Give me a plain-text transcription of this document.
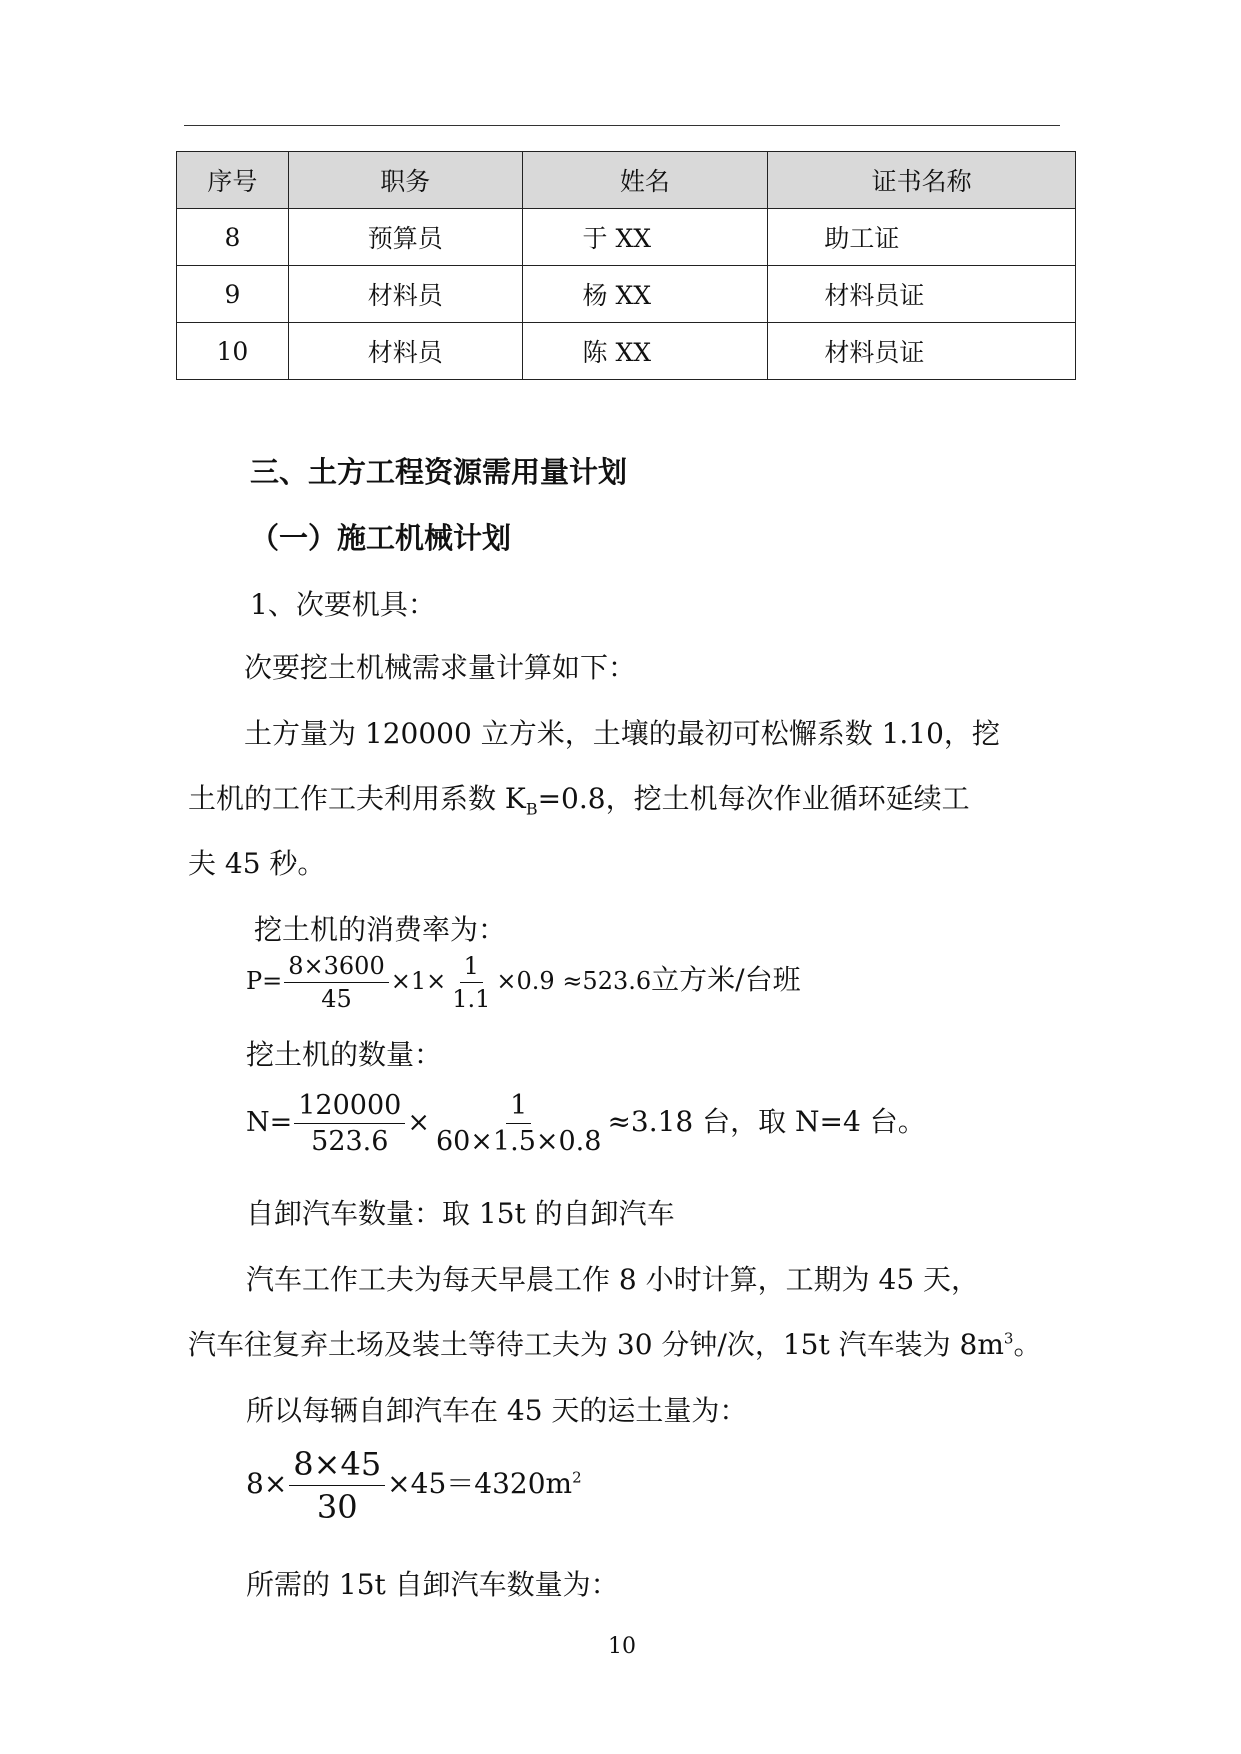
序号	职务	姓名	证书名称
8	预算员	于 XX	助工证
9	材料员	杨 XX	材料员证
10	材料员	陈 XX	材料员证
三、土方工程资源需用量计划
（一）施工机械计划
1、次要机具：
次要挖土机械需求量计算如下：
土方量为 120000 立方米，土壤的最初可松懈系数 1.10，挖
土机的工作工夫利用系数 $K_B=0.8$，挖土机每次作业循环延续工
夫 45 秒。
挖土机的消费率为：
$P= \frac{8\times 3600}{45} \times 1\times \frac{1}{1.1} \times 0.9 \approx 523.6$立方米/台班
挖土机的数量：
$N= \frac{120000}{523.6} \times \frac{1}{60\times 1.5\times 0.8} \approx 3.18$ 台，取 N=4 台。
自卸汽车数量：取 15t 的自卸汽车
汽车工作工夫为每天早晨工作 8 小时计算，工期为 45 天，
汽车往复弃土场及装土等待工夫为 30 分钟/次，15t 汽车装为 $8m^3$。
所以每辆自卸汽车在 45 天的运土量为：
$8\times \frac{8\times 45}{30} \times 45=4320m^2$
所需的 15t 自卸汽车数量为：
10
